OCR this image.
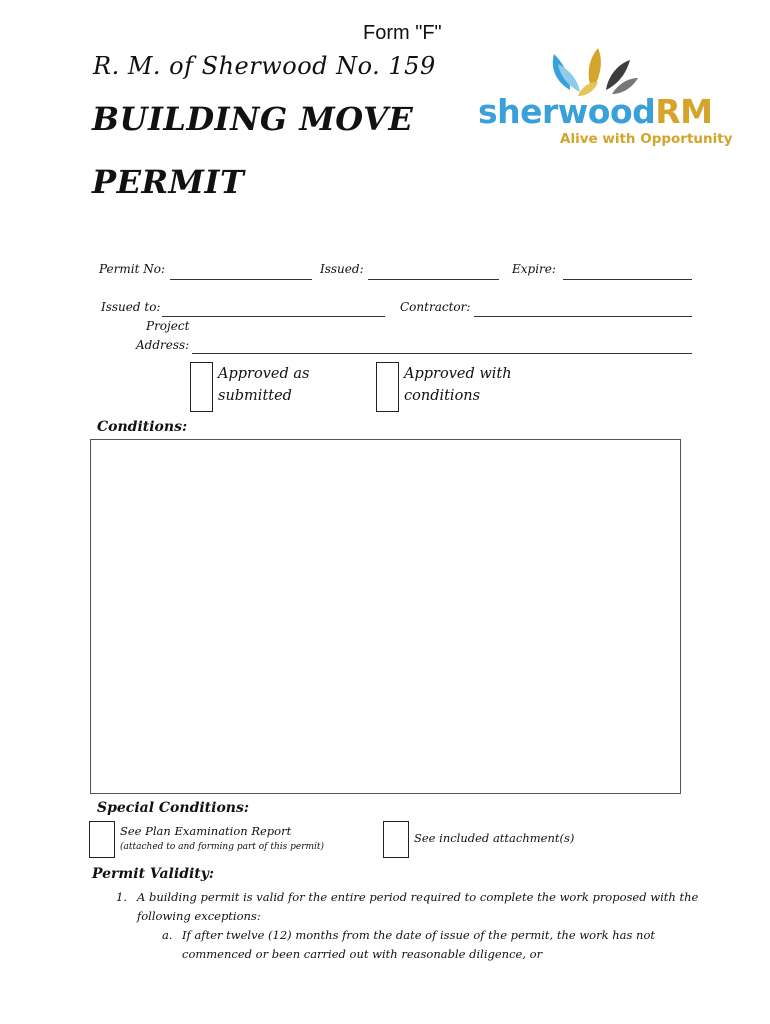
Form "F"
R. M. of Sherwood No. 159
BUILDING MOVE
PERMIT
sherwoodRM
Alive with Opportunity
Permit No:	Issued:	Expire:
Issued to:	Contractor:
Project
Address:
Approved as
submitted
Approved with
conditions
Conditions:
Special Conditions:
See Plan Examination Report
(attached to and forming part of this permit)
See included attachment(s)
Permit Validity:
1. A building permit is valid for the entire period required to complete the work proposed with the
following exceptions:
a. If after twelve (12) months from the date of issue of the permit, the work has not
commenced or been carried out with reasonable diligence, or
